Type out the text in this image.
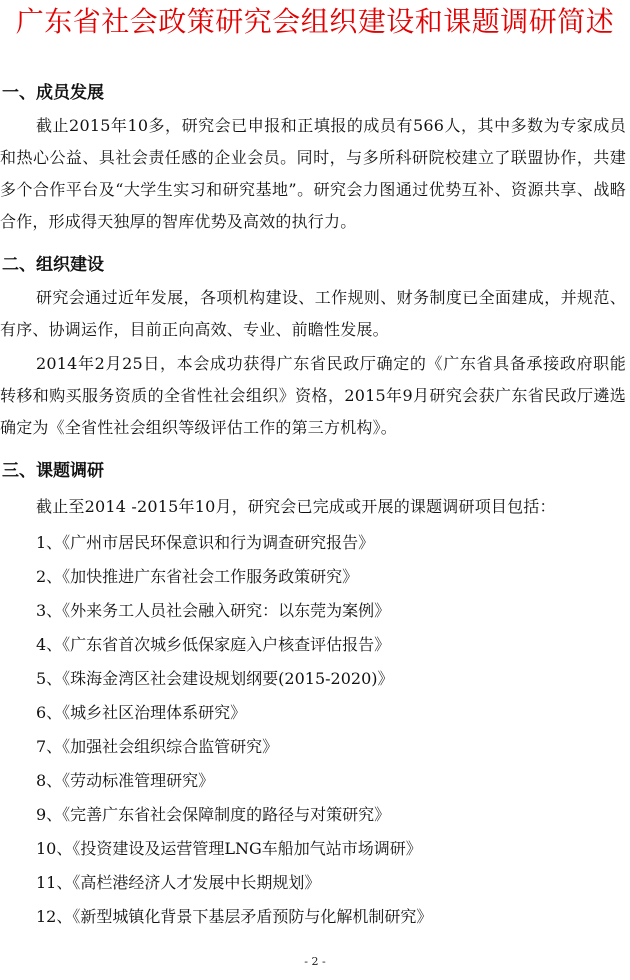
广东省社会政策研究会组织建设和课题调研简述
一、成员发展
截止2015年10多，研究会已申报和正填报的成员有566人，其中多数为专家成员和热心公益、具社会责任感的企业会员。同时，与多所科研院校建立了联盟协作，共建多个合作平台及“大学生实习和研究基地”。研究会力图通过优势互补、资源共享、战略合作，形成得天独厚的智库优势及高效的执行力。
二、组织建设
研究会通过近年发展，各项机构建设、工作规则、财务制度已全面建成，并规范、有序、协调运作，目前正向高效、专业、前瞻性发展。
2014年2月25日，本会成功获得广东省民政厅确定的《广东省具备承接政府职能转移和购买服务资质的全省性社会组织》资格，2015年9月研究会获广东省民政厅遴选确定为《全省性社会组织等级评估工作的第三方机构》。
三、课题调研
截止至2014 -2015年10月，研究会已完成或开展的课题调研项目包括：
1、《广州市居民环保意识和行为调查研究报告》
2、《加快推进广东省社会工作服务政策研究》
3、《外来务工人员社会融入研究：以东莞为案例》
4、《广东省首次城乡低保家庭入户核查评估报告》
5、《珠海金湾区社会建设规划纲要(2015-2020)》
6、《城乡社区治理体系研究》
7、《加强社会组织综合监管研究》
8、《劳动标准管理研究》
9、《完善广东省社会保障制度的路径与对策研究》
10、《投资建设及运营管理LNG车船加气站市场调研》
11、《高栏港经济人才发展中长期规划》
12、《新型城镇化背景下基层矛盾预防与化解机制研究》
- 2 -
